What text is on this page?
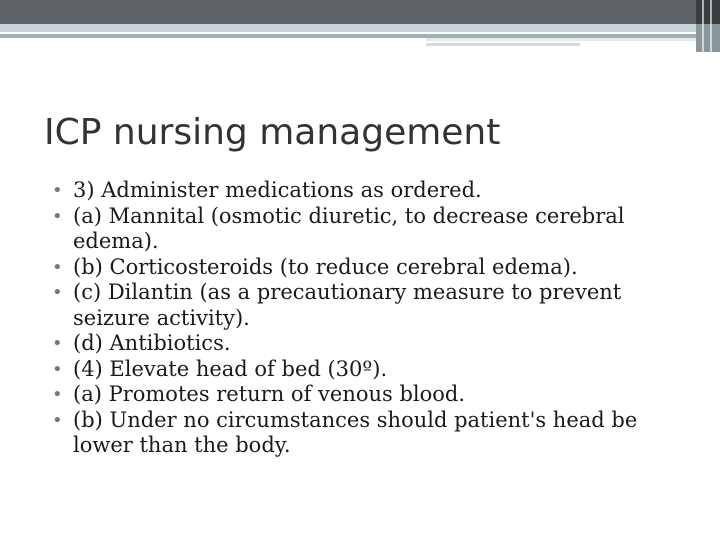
ICP nursing management
• 3) Administer medications as ordered.
• (a) Mannital (osmotic diuretic, to decrease cerebral edema).
• (b) Corticosteroids (to reduce cerebral edema).
• (c) Dilantin (as a precautionary measure to prevent seizure activity).
• (d) Antibiotics.
• (4) Elevate head of bed (30º).
• (a) Promotes return of venous blood.
• (b) Under no circumstances should patient's head be lower than the body.
